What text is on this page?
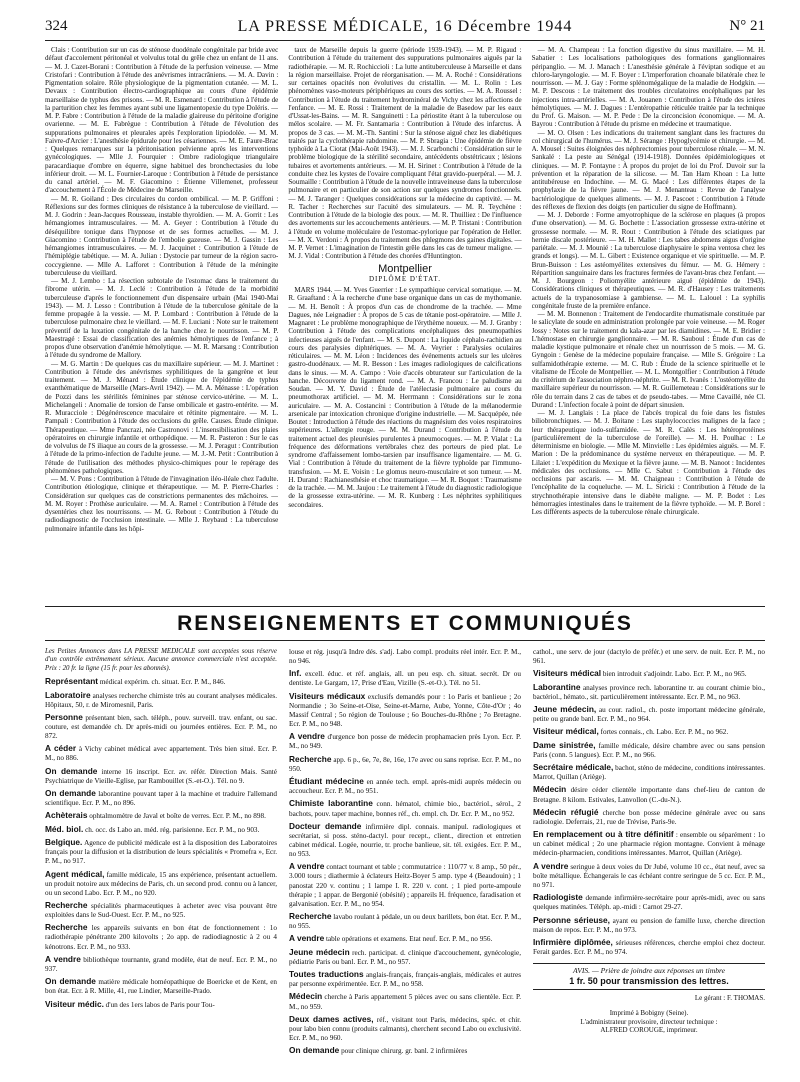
324	LA PRESSE MÉDICALE, 16 Décembre 1944	N° 21

Clais : Contribution sur un cas de sténose duodénale congénitale par bride avec défaut d'accolement péritonéal et volvulus total du grêle chez un enfant de 11 ans. — M. J. Cazet-Borani : Contribution à l'étude de la perfusion veineuse. — Mme Cristofari : Contribution à l'étude des anévrismes intracrâniens. — M. A. Davin : Pigmentation solaire. Rôle physiologique de la pigmentation cutanée. — M. L. Devaux : Contribution électro-cardiographique au cours d'une épidémie marseillaise de typhus des prisons. — M. R. Esmenard : Contribution à l'étude de la parturition chez les femmes ayant subi une ligamentopexie du type Doléris. — M. P. Fabre : Contribution à l'étude de la maladie glaireuse du péritoine d'origine ovarienne. — M. E. Fabrègue : Contribution à l'étude de l'évolution des suppurations pulmonaires et pleurales après l'exploration lipiodolée. — M. M. Faivre-d'Arcier : L'anesthésie épidurale pour les césariennes. — M. E. Faure-Brac : Quelques remarques sur la péritonisation pelvienne après les interventions gynécologiques. — Mlle J. Fourquier : Ombre radiologique triangulaire paracardiaque d'ombre en équerre, signe habituel des bronchectasies du lobe inférieur droit. — M. L. Fournier-Laroque : Contribution à l'étude de persistance du canal artériel. — M. F. Giacomino : Étienne Villemenet, professeur d'accouchement à l'École de Médecine de Marseille.

— M. R. Goiland : Des circulaires du cordon ombilical. — M. P. Griffoni : Réflexions sur des formes cliniques de résistance à la tuberculose de vieillard. — M. J. Godrin : Jean-Jacques Rousseau, instable thyroïdien. — M. A. Gorrit : Les hémangiomes intramusculaires. — M. A. Geyer : Contribution à l'étude du déséquilibre tonique dans l'hypnose et de ses formes actuelles. — M. J. Giacomino : Contribution à l'étude de l'embolie gazeuse. — M. J. Gassin : Les hémangiomes intramusculaires. — M. J. Jacquinet : Contribution à l'étude de l'hémiplégie tabétique. — M. A. Julian : Dystocie par tumeur de la région sacro-coccygienne. — Mlle A. Lafforet : Contribution à l'étude de la méningite tuberculeuse du vieillard.

— M. J. Lembo : La résection subtotale de l'estomac dans le traitement du fibrome utérin. — M. J. Leclé : Contribution à l'étude de la morbidité tuberculeuse d'après le fonctionnement d'un dispensaire urbain (Mai 1940-Mai 1943). — M. J. Lesso : Contribution à l'étude de la tuberculose génitale de la femme propagée à la vessie. — M. P. Lombard : Contribution à l'étude de la tuberculose pulmonaire chez le vieillard. — M. F. Luciani : Note sur le traitement préventif de la luxation congénitale de la hanche chez le nourrisson. — M. P. Maestragé : Essai de classification des anémies hémolytiques de l'enfance ; à propos d'une observation d'anémie hémolytique. — M. R. Marsang : Contribution à l'étude du syndrome de Mallory.

— M. G. Martin : De quelques cas du maxillaire supérieur. — M. J. Martinet : Contribution à l'étude des anévrismes syphilitiques de la gangrène et leur traitement. — M. J. Ménard : Étude clinique de l'épidémie de typhus exanthématique de Marseille (Mars-Avril 1942). — M. A. Ménasse : L'opération de Pozzi dans les stérilités féminines par sténose cervico-utérine. — M. L. Michelangeli : Anomalie de torsion de l'anse ombilicale et gastro-entérite. — M. R. Muracciole : Dégénérescence maculaire et rétinite pigmentaire. — M. L. Pampali : Contribution à l'étude des occlusions du grêle. Causes. Étude clinique. Thérapeutique. — Mme Pancrazi, née Castronovi : L'insensibilisation des plaies opératoires en chirurgie infantile et orthopédique. — M. R. Pasteron : Sur le cas de volvulus de l'S iliaque au cours de la grossesse. — M. J. Peragut : Contribution à l'étude de la primo-infection de l'adulte jeune. — M. J.-M. Petit : Contribution à l'étude de l'utilisation des méthodes physico-chimiques pour le repérage des phénomènes pathologiques.

— M. V. Pons : Contribution à l'étude de l'invagination iléo-iléale chez l'adulte. Contribution étiologique, clinique et thérapeutique. — M. P. Pierre-Charles : Considération sur quelques cas de constrictions permanentes des mâchoires. — M. M. Royer : Prothèse auriculaire. — M. A. Ramel : Contribution à l'étude des dysentéries chez les nourrissons. — M. G. Rebout : Contribution à l'étude du radiodiagnostic de l'occlusion intestinale. — Mlle J. Reybaud : La tuberculose pulmonaire infantile dans les hôpi-

taux de Marseille depuis la guerre (période 1939-1943). — M. P. Rigaud : Contribution à l'étude du traitement des suppurations pulmonaires aiguës par la radiothérapie. — M. R. Rochiccioli : La lutte antituberculeuse à Marseille et dans la région marseillaise. Projet de réorganisation. — M. A. Roché : Considérations sur certaines opacités non évolutives du cristallin. — M. L. Rolin : Les phénomènes vaso-moteurs périphériques au cours des sorties. — M. A. Roussel : Contribution à l'étude du traitement hydrominéral de Vichy chez les affections de l'enfance. — M. E. Rossi : Traitement de la maladie de Basedow par les eaux d'Ussat-les-Bains. — M. R. Sanguinetti : La périostite étant à la tuberculose ou mélos scolaire. — M. Fr. Santamaria : Contribution à l'étude des infarctus. À propos de 3 cas. — M. M.-Th. Santini : Sur la sténose aiguë chez les diabétiques traités par la cyclothérapie rabdomine. — M. P. Sbragia : Une épidémie de fièvre typhoïde à La Ciotat (Mai-Août 1943). — M. J. Scarbonchi : Considération sur le problème biologique de la stérilité secondaire, antécédents obstétricaux ; lésions tubaires et avortements antérieurs. — M. H. Sirinet : Contribution à l'étude de la conduite chez les kystes de l'ovaire compliquant l'état gravido-puerpéral. — M. J. Soumaille : Contribution à l'étude de la nouvelle intraveineuse dans la tuberculose pulmonaire et en particulier de son action sur quelques syndromes fonctionnels. — M. J. Taranger : Quelques considérations sur la médecine du captivité. — M. R. Tacher : Recherches sur l'acuité des simulateurs. — M. R. Teychène : Contribution à l'étude de la biologie des poux. — M. R. Thuilliez : De l'influence des avortements sur les accouchements antérieurs. — M. P. Tristani : Contribution à l'étude en volume moléculaire de l'estomac-pylorique par l'opération de Heller. — M. X. Verdoni : À propos du traitement des phlegmons des gaines digitales. — M. P. Vernet : L'imagination de l'intestin grêle dans les cas de tumeur maligne. — M. J. Vidal : Contribution à l'étude des chorées d'Huntington.

Montpellier
DIPLÔME D'ÉTAT.

MARS 1944. — M. Yves Guerrier : Le sympathique cervical somatique. — M. R. Graaftand : À la recherche d'une base organique dans un cas de mythomanie. — M. H. Benoît : À propos d'un cas de chondrome de la trachée. — Mme Dagues, née Leignadier : À propos de 5 cas de tétanie post-opératoire. — Mlle J. Magnaret : Le problème monographique de l'érythème noueux. — M. J. Granby : Contribution à l'étude des complications encéphaliques des pneumopathies infectieuses aiguës de l'enfant. — M. S. Dupont : La liquide céphalo-rachidien au cours des paralysies diphtériques. — M. A. Veyrier : Paralysies oculaires réticulaires. — M. M. Léon : Incidences des événements actuels sur les ulcères gastro-duodénaux. — M. R. Besson : Les images radiologiques de calcifications dans le sinus. — M. A. Campo : Voie d'accès obturateur sur l'articulation de la hanche. Découverte du ligament rond. — M. A. Francou : Le paludisme au Soudan. — M. Y. David : Étude de l'atélectasie pulmonaire au cours du pneumothorax artificiel. — M. M. Herrmann : Considérations sur le zona auriculaire. — M. A. Costancini : Contribution à l'étude de la mélanodermie arsenicale par intoxication chronique d'origine industrielle. — M. Sacquépée, née Boutet : Introduction à l'étude des réactions du magnésium des voies respiratoires supérieures. L'allergie rouge. — M. M. Durand : Contribution à l'étude du traitement actuel des pleurésies purulentes à pneumocoques. — M. P. Vialat : La fréquence des déformations vertébrales chez des porteurs de pied plat. Le syndrome d'affaissement lombo-tarsien par insuffisance ligamentaire. — M. G. Vial : Contribution à l'étude du traitement de la fièvre typhoïde par l'immuno-transfusion. — M. E. Voisin : Le glomus neuro-musculaire et son tumeur. — M. H. Durand : Rachianesthésie et choc traumatique. — M. R. Boquet : Traumatisme de la trachée. — M. M. Jaujou : Le traitement à l'étude du diagnostic radiologique de la grossesse extra-utérine. — M. R. Kunberg : Les néphrites syphilitiques secondaires.

— M. A. Champeau : La fonction digestive du sinus maxillaire. — M. H. Sabatier : Les localisations pathologiques des formations ganglionnaires péripanglio. — M. J. Manach : L'anesthésie générale à l'éviptan sodique et au chloro-laryngologie. — M. F. Boyer : L'imperforation choanale bilatérale chez le nourrisson. — M. J. Gay : Forme splénomégalique de la maladie de Hodgkin. — M. P. Descous : Le traitement des troubles circulatoires encéphaliques par les injections intra-artérielles. — M. A. Jouanen : Contribution à l'étude des ictères hémolytiques. — M. J. Dagues : L'entéropathie réticulée traitée par la technique du Prof. G. Maison. — M. P. Pede : De la circoncision économique. — M. A. Bayrou : Contribution à l'étude du prisme en médecine et traumatique.

— M. O. Olsen : Les indications du traitement sanglant dans les fractures du col chirurgical de l'humérus. — M. J. Sérange : Hypoglycémie et chirurgie. — M. A. Mousel : Suites éloignées des néphrectomies pour tuberculose rénale. — M. N. Sankalé : La peste au Sénégal (1914-1918). Données épidémiologiques et cliniques. — M. P. Fontayne : À propos du projet de loi du Prof. Duvoir sur la prévention et la réparation de la silicose. — M. Tan Ham Khoan : La lutte antitubéreuse en Indochine. — M. G. Macé : Les différentes étapes de la prophylaxie de la fièvre jaune. — M. J. Menanteau : Revue de l'analyse bactériologique de quelques aliments. — M. J. Pascoet : Contribution à l'étude des réflexes de flexion des doigts (en particulier du signe de Hoffmann).

— M. J. Deborde : Forme amyotrophique de la sclérose en plaques (à propos d'une observation). — M. G. Bochette : L'association grossesse extra-utérine et grossesse normale. — M. R. Rout : Contribution à l'étude des sciatiques par hernie discale postérieure. — M. H. Mallet : Les tabes abdomens aigus d'origine pariétale. — M. J. Mounié : La tuberculose diaphysaire le spina ventosa chez les grands et longs). — M. L. Gibert : Existence organique et vie spirituelle. — M. P. Brun-Buisson : Les astéomyélites extensives du fémur. — M. G. Hémery : Répartition sanguinaire dans les fractures fermées de l'avant-bras chez l'enfant. — M. J. Bourgeon : Poliomyélite antérieure aiguë (épidémie de 1943). Considérations cliniques et thérapeutiques. — M. R. d'Hausey : Les traitements actuels de la trypanosomiase à gambiense. — M. L. Lalouel : La syphilis congénitale fruste de la première enfance.

— M. M. Bonnenon : Traitement de l'endocardite rhumatismale constituée par le salicylate de soude en administration prolongée par voie veineuse. — M. Roger Jossy : Notes sur le traitement du kala-azar par les diamidines. — M. E. Bridier : L'hémostase en chirurgie ganglionnaire. — M. R. Sauboul : Étude d'un cas de maladie kystique pulmonaire et rénale chez un nourrisson de 5 mois. — M. G. Gyngoin : Genèse de la médecine populaire française. — Mlle S. Grégoire : La sulfamidothérapie externe. — M. C. Rub : Étude de la science spirituelle et le vitalisme de l'École de Montpellier. — M. L. Montgolfier : Contribution à l'étude du critérium de l'association néphro-néphrite. — M. R. Ivanès : L'ostéomyélite du maxillaire supérieur du nourrisson. — M. R. Guillemeteau : Considérations sur le rôle du terrain dans 2 cas de tabes et de pseudo-tabes. — Mme Cavaillé, née Cl. Durand : L'infection focale à point de départ sinusien.

— M. J. Langlais : La place de l'abcès tropical du foie dans les fistules biliobronchiques. — M. J. Boitane : Les staphylococcies malignes de la face ; leur thérapeutique iodo-sulfamidée. — M. R. Calès : Les hétéroprotéines (particulièrement de la tuberculose de l'oreille). — M. H. Poulhac : Le déterminisme en biologie. — Mlle M. Minvielle : Les épidémies aiguës. — M. F. Marion : De la prédominance du système nerveux en thérapeutique. — M. P. Lilaiet : L'expédition du Mexique et la fièvre jaune. — M. B. Nanoot : Incidentes médicales des occlusions. — Mlle C. Sabut : Contribution à l'étude des occlusions par ascaris. — M. M. Chaigneau : Contribution à l'étude de l'encéphalite de la coqueluche. — M. L. Siricki : Contribution à l'étude de la strychnothérapie intensive dans le diabète maligne. — M. P. Bodet : Les hémorragies intestinales dans le traitement de la fièvre typhoïde. — M. P. Borel : Les différents aspects de la tuberculose rénale chirurgicale.

RENSEIGNEMENTS ET COMMUNIQUÉS

Les Petites Annonces dans LA PRESSE MÉDICALE sont acceptées sous réserve d'un contrôle extrêmement sérieux. Aucune annonce commerciale n'est acceptée. Prix : 20 fr. la ligne (15 fr. pour les abonnés).

Représentant médical expérim. ch. situat. Ecr. P. M., 846.

Laboratoire analyses recherche chimiste très au courant analyses médicales. Hôpitaux, 50, r. de Miromesnil, Paris.

Personne présentant bien, sach. téléph., pouv. surveill. trav. enfant, ou sac. couture, est demandée ch. Dr après-midi ou journées entières. Ecr. P. M., no 872.

A céder à Vichy cabinet médical avec appartement. Très bien situé. Ecr. P. M., no 886.

On demande interne 16 inscript. Ecr. av. référ. Direction Mais. Santé Psychiatrique de Vieille-Eglise, par Rambouillet (S.-et-O.). Tél. no 9.

On demande laborantine pouvant taper à la machine et traduire l'allemand scientifique. Ecr. P. M., no 896.

Achèterais ophtalmomètre de Javal et boîte de verres. Ecr. P. M., no 898.

Méd. biol. ch. occ. ds Labo an. méd. rég. parisienne. Ecr. P. M., no 903.

Belgique. Agence de publicité médicale est à la disposition des Laboratoires français pour la diffusion et la distribution de leurs spécialités « Promefra », Ecr. P. M., no 917.

Agent médical, famille médicale, 15 ans expérience, présentant actuellem. un produit notoire aux médecins de Paris, ch. un second prod. connu ou à lancer, ou un second Labo. Ecr. P. M., no 920.

Recherche spécialités pharmaceutiques à acheter avec visa pouvant être exploitées dans le Sud-Ouest. Ecr. P. M., no 925.

Recherche les appareils suivants en bon état de fonctionnement : 1o radiothérapie pénétrante 200 kilovolts ; 2o app. de radiodiagnostic à 2 ou 4 kénotrons. Ecr. P. M., no 933.

A vendre bibliothèque tournante, grand modèle, état de neuf. Ecr. P. M., no 937.

On demande matière médicale homéopathique de Boericke et de Kent, en bon état. Ecr. à R. Mille, 41, rue Lindier, Marseille-Prado.

Visiteur médic. d'un des 1ers labos de Paris pour Tou-

louse et rég. jusqu'à Indre dés. s'adj. Labo compl. produits réel intér. Ecr. P. M., no 946.

Inf. excell. éduc. et réf. anglais, all. un peu esp. ch. situat. secrét. Dr ou dentiste. Le Gargam, 17, Prise d'Eau, Vizille (S.-et-O.). Tél. no 51.

Visiteurs médicaux exclusifs demandés pour : 1o Paris et banlieue ; 2o Normandie ; 3o Seine-et-Oise, Seine-et-Marne, Aube, Yonne, Côte-d'Or ; 4o Massif Central ; 5o région de Toulouse ; 6o Bouches-du-Rhône ; 7o Bretagne. Ecr. P. M., no 948.

A vendre d'urgence bon posse de médecin prophamacien près Lyon. Ecr. P. M., no 949.

Recherche app. 6 p., 6e, 7e, 8e, 16e, 17e avec ou sans reprise. Ecr. P. M., no 950.

Étudiant médecine en année tech. empl. après-midi auprès médecin ou accoucheur. Ecr. P. M., no 951.

Chimiste laborantine conn. hématol, chimie bio., bactériol., sérol., 2 bachots, pouv. taper machine, bonnes réf., ch. empl. ch. Dr. Ecr. P. M., no 952.

Docteur demande infirmière dipl. connais. manipul. radiologiques et secrétariat, si poss. sténo-dactyl. pour recept., client., direction et entretien cabinet médical. Logée, nourrie, tr. proche banlieue, sit. tél. exigées. Ecr. P. M., no 953.

A vendre contact tournant et table ; commutatrice : 110/77 v. 8 amp., 50 pér., 3.000 tours ; diathermie à éclateurs Heitz-Boyer 5 amp. type 4 (Beaudouin) ; 1 panostat 220 v. continu ; 1 lampe I. R. 220 v. cont. ; 1 pied porte-ampoule thérapie ; 1 appar. de Bergonié (obésité) ; appareils H. fréquence, faradisation et galvanisation. Ecr. P. M., no 954.

Recherche lavabo roulant à pédale, un ou deux barillets, bon état. Ecr. P. M., no 955.

A vendre table opérations et examens. Etat neuf. Ecr. P. M., no 956.

Jeune médecin rech. participat. d. clinique d'accouchement, gynécologie, pédiatrie Paris ou banl. Ecr. P. M., no 957.

Toutes traductions anglais-français, français-anglais, médicales et autres par personne expérimentée. Ecr. P. M., no 958.

Médecin cherche à Paris appartement 5 pièces avec ou sans clientèle. Ecr. P. M., no 959.

Deux dames actives, réf., visitant tout Paris, médecins, spéc. et chir. pour labo bien connu (produits calmants), cherchent second Labo ou exclusivité. Ecr. P. M., no 960.

On demande pour clinique chirurg. gr. banl. 2 infirmières

cathol., une serv. de jour (dactylo de préfér.) et une serv. de nuit. Ecr. P. M., no 961.

Visiteurs médical bien introduit s'adjoindr. Labo. Ecr. P. M., no 965.

Laborantine analyses province rech. laborantine tr. au courant chimie bio., bactériol., hémato., sit. particulièrement intéressante. Ecr. P. M., no 963.

Jeune médecin, au cour. radiol., ch. poste important médecine générale, petite ou grande banl. Ecr. P. M., no 964.

Visiteur médical, fortes connais., ch. Labo. Ecr. P. M., no 962.

Dame sinistrée, famille médicale, désire chambre avec ou sans pension Paris (conn. 5 langues). Ecr. P. M., no 966.

Secrétaire médicale, bachot, sténo de médecine, conditions intéressantes. Marrot, Quillan (Ariège).

Médecin désire céder clientèle importante dans chef-lieu de canton de Bretagne. 8 kilom. Estivales, Lanvollon (C.-du-N.).

Médecin réfugié cherche bon posse médecine générale avec ou sans radiologie. Deferrais, 21, rue de Trévise, Paris-9e.

En remplacement ou à titre définitif : ensemble ou séparément : 1o un cabinet médical ; 2o une pharmacie région montagne. Convient à ménage médecin-pharmacien, conditions intéressantes. Marrot, Quillan (Ariège).

A vendre seringue à deux voies du Dr Jubé, volume 10 cc., état neuf, avec sa boîte métallique. Échangerais le cas échéant contre seringue de 5 cc. Ecr. P. M., no 971.

Radiologiste demande infirmière-secrétaire pour après-midi, avec ou sans quelques matinées. Téléph. ap.-midi : Carnot 29-27.

Personne sérieuse, ayant eu pension de famille luxe, cherche direction maison de repos. Ecr. P. M., no 973.

Infirmière diplômée, sérieuses références, cherche emploi chez docteur. Ferait gardes. Ecr. P. M., no 974.

AVIS. — Prière de joindre aux réponses un timbre
1 fr. 50 pour transmission des lettres.
Le gérant : F. THOMAS.
Imprimé à Bobigny (Seine).
L'administrateur provisoire, directeur technique :
ALFRED COROUGE, imprimeur.
